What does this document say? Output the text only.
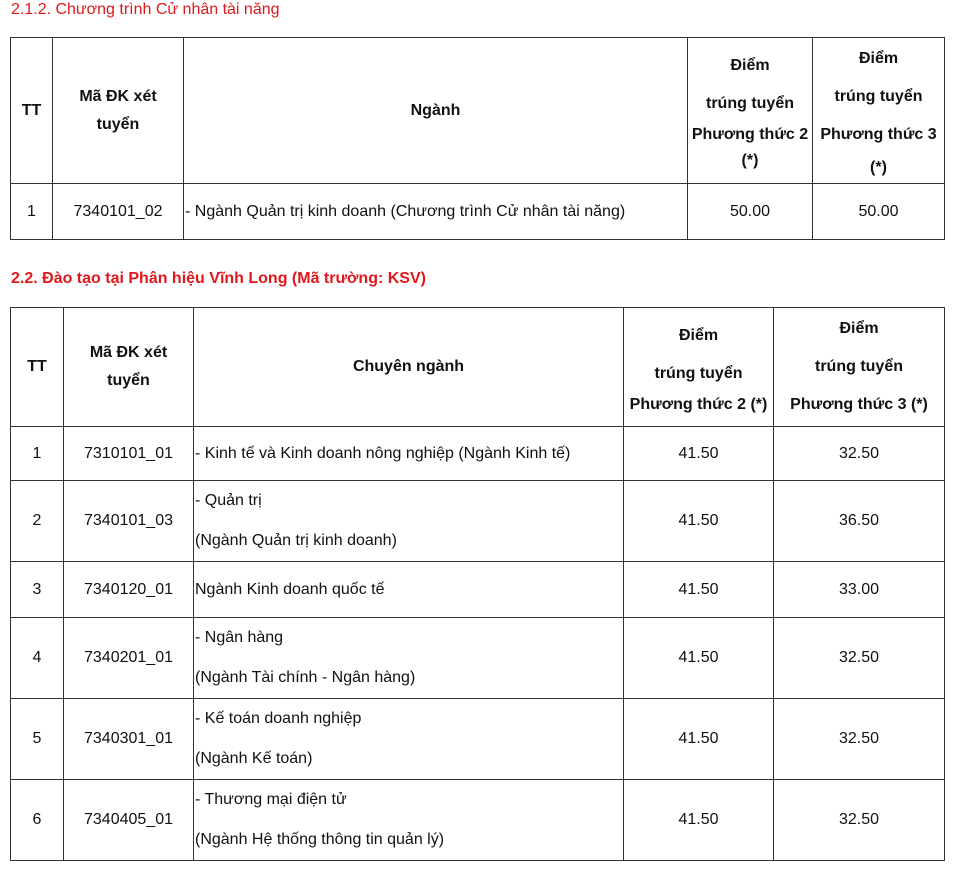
2.1.2. Chương trình Cử nhân tài năng
TT	Mã ĐK xét
tuyển	Ngành	Điểm
trúng tuyển
Phương thức 2
(*)	Điểm
trúng tuyển
Phương thức 3
(*)

1	7340101_02	- Ngành Quản trị kinh doanh (Chương trình Cử nhân tài năng)	50.00	50.00
2.2. Đào tạo tại Phân hiệu Vĩnh Long (Mã trường: KSV)
TT	Mã ĐK xét
tuyển	Chuyên ngành	Điểm
trúng tuyển
Phương thức 2 (*)	Điểm
trúng tuyển
Phương thức 3 (*)

1	7310101_01	- Kinh tế và Kinh doanh nông nghiệp (Ngành Kinh tế)	41.50	32.50
2	7340101_03	- Quản trị
(Ngành Quản trị kinh doanh)	41.50	36.50
3	7340120_01	Ngành Kinh doanh quốc tế	41.50	33.00
4	7340201_01	- Ngân hàng
(Ngành Tài chính - Ngân hàng)	41.50	32.50
5	7340301_01	- Kế toán doanh nghiệp
(Ngành Kế toán)	41.50	32.50
6	7340405_01	- Thương mại điện tử
(Ngành Hệ thống thông tin quản lý)	41.50	32.50
